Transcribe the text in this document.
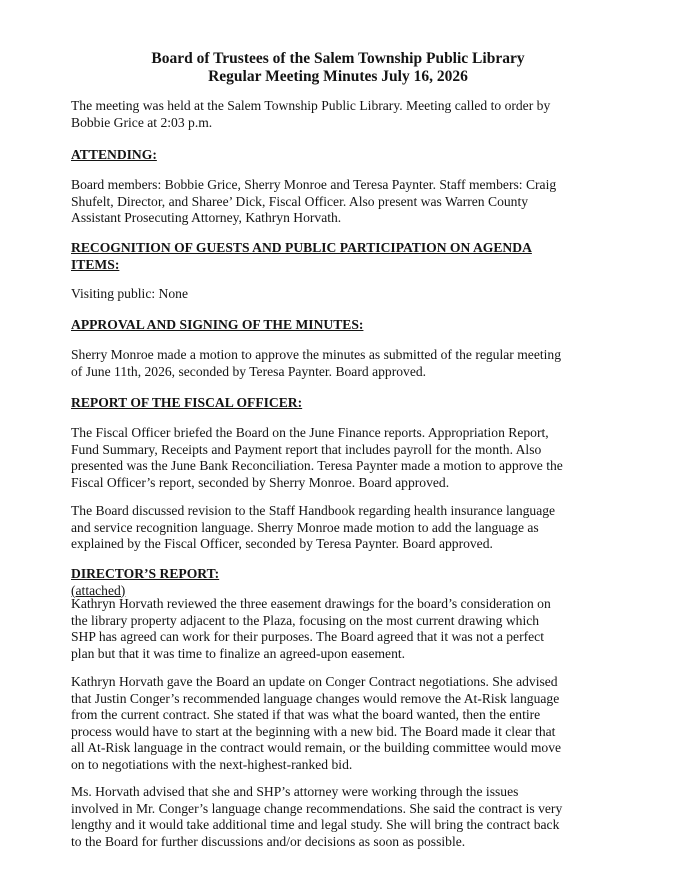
Board of Trustees of the Salem Township Public Library
Regular Meeting Minutes July 16, 2026

The meeting was held at the Salem Township Public Library. Meeting called to order by
Bobbie Grice at 2:03 p.m.

ATTENDING:

Board members: Bobbie Grice, Sherry Monroe and Teresa Paynter. Staff members: Craig
Shufelt, Director, and Sharee’ Dick, Fiscal Officer. Also present was Warren County
Assistant Prosecuting Attorney, Kathryn Horvath.

RECOGNITION OF GUESTS AND PUBLIC PARTICIPATION ON AGENDA
ITEMS:

Visiting public: None

APPROVAL AND SIGNING OF THE MINUTES:

Sherry Monroe made a motion to approve the minutes as submitted of the regular meeting
of June 11th, 2026, seconded by Teresa Paynter. Board approved.

REPORT OF THE FISCAL OFFICER:

The Fiscal Officer briefed the Board on the June Finance reports. Appropriation Report,
Fund Summary, Receipts and Payment report that includes payroll for the month. Also
presented was the June Bank Reconciliation. Teresa Paynter made a motion to approve the
Fiscal Officer’s report, seconded by Sherry Monroe. Board approved.

The Board discussed revision to the Staff Handbook regarding health insurance language
and service recognition language. Sherry Monroe made motion to add the language as
explained by the Fiscal Officer, seconded by Teresa Paynter. Board approved.

DIRECTOR’S REPORT:
(attached)

Kathryn Horvath reviewed the three easement drawings for the board’s consideration on
the library property adjacent to the Plaza, focusing on the most current drawing which
SHP has agreed can work for their purposes. The Board agreed that it was not a perfect
plan but that it was time to finalize an agreed-upon easement.

Kathryn Horvath gave the Board an update on Conger Contract negotiations. She advised
that Justin Conger’s recommended language changes would remove the At-Risk language
from the current contract. She stated if that was what the board wanted, then the entire
process would have to start at the beginning with a new bid. The Board made it clear that
all At-Risk language in the contract would remain, or the building committee would move
on to negotiations with the next-highest-ranked bid.

Ms. Horvath advised that she and SHP’s attorney were working through the issues
involved in Mr. Conger’s language change recommendations. She said the contract is very
lengthy and it would take additional time and legal study. She will bring the contract back
to the Board for further discussions and/or decisions as soon as possible.
